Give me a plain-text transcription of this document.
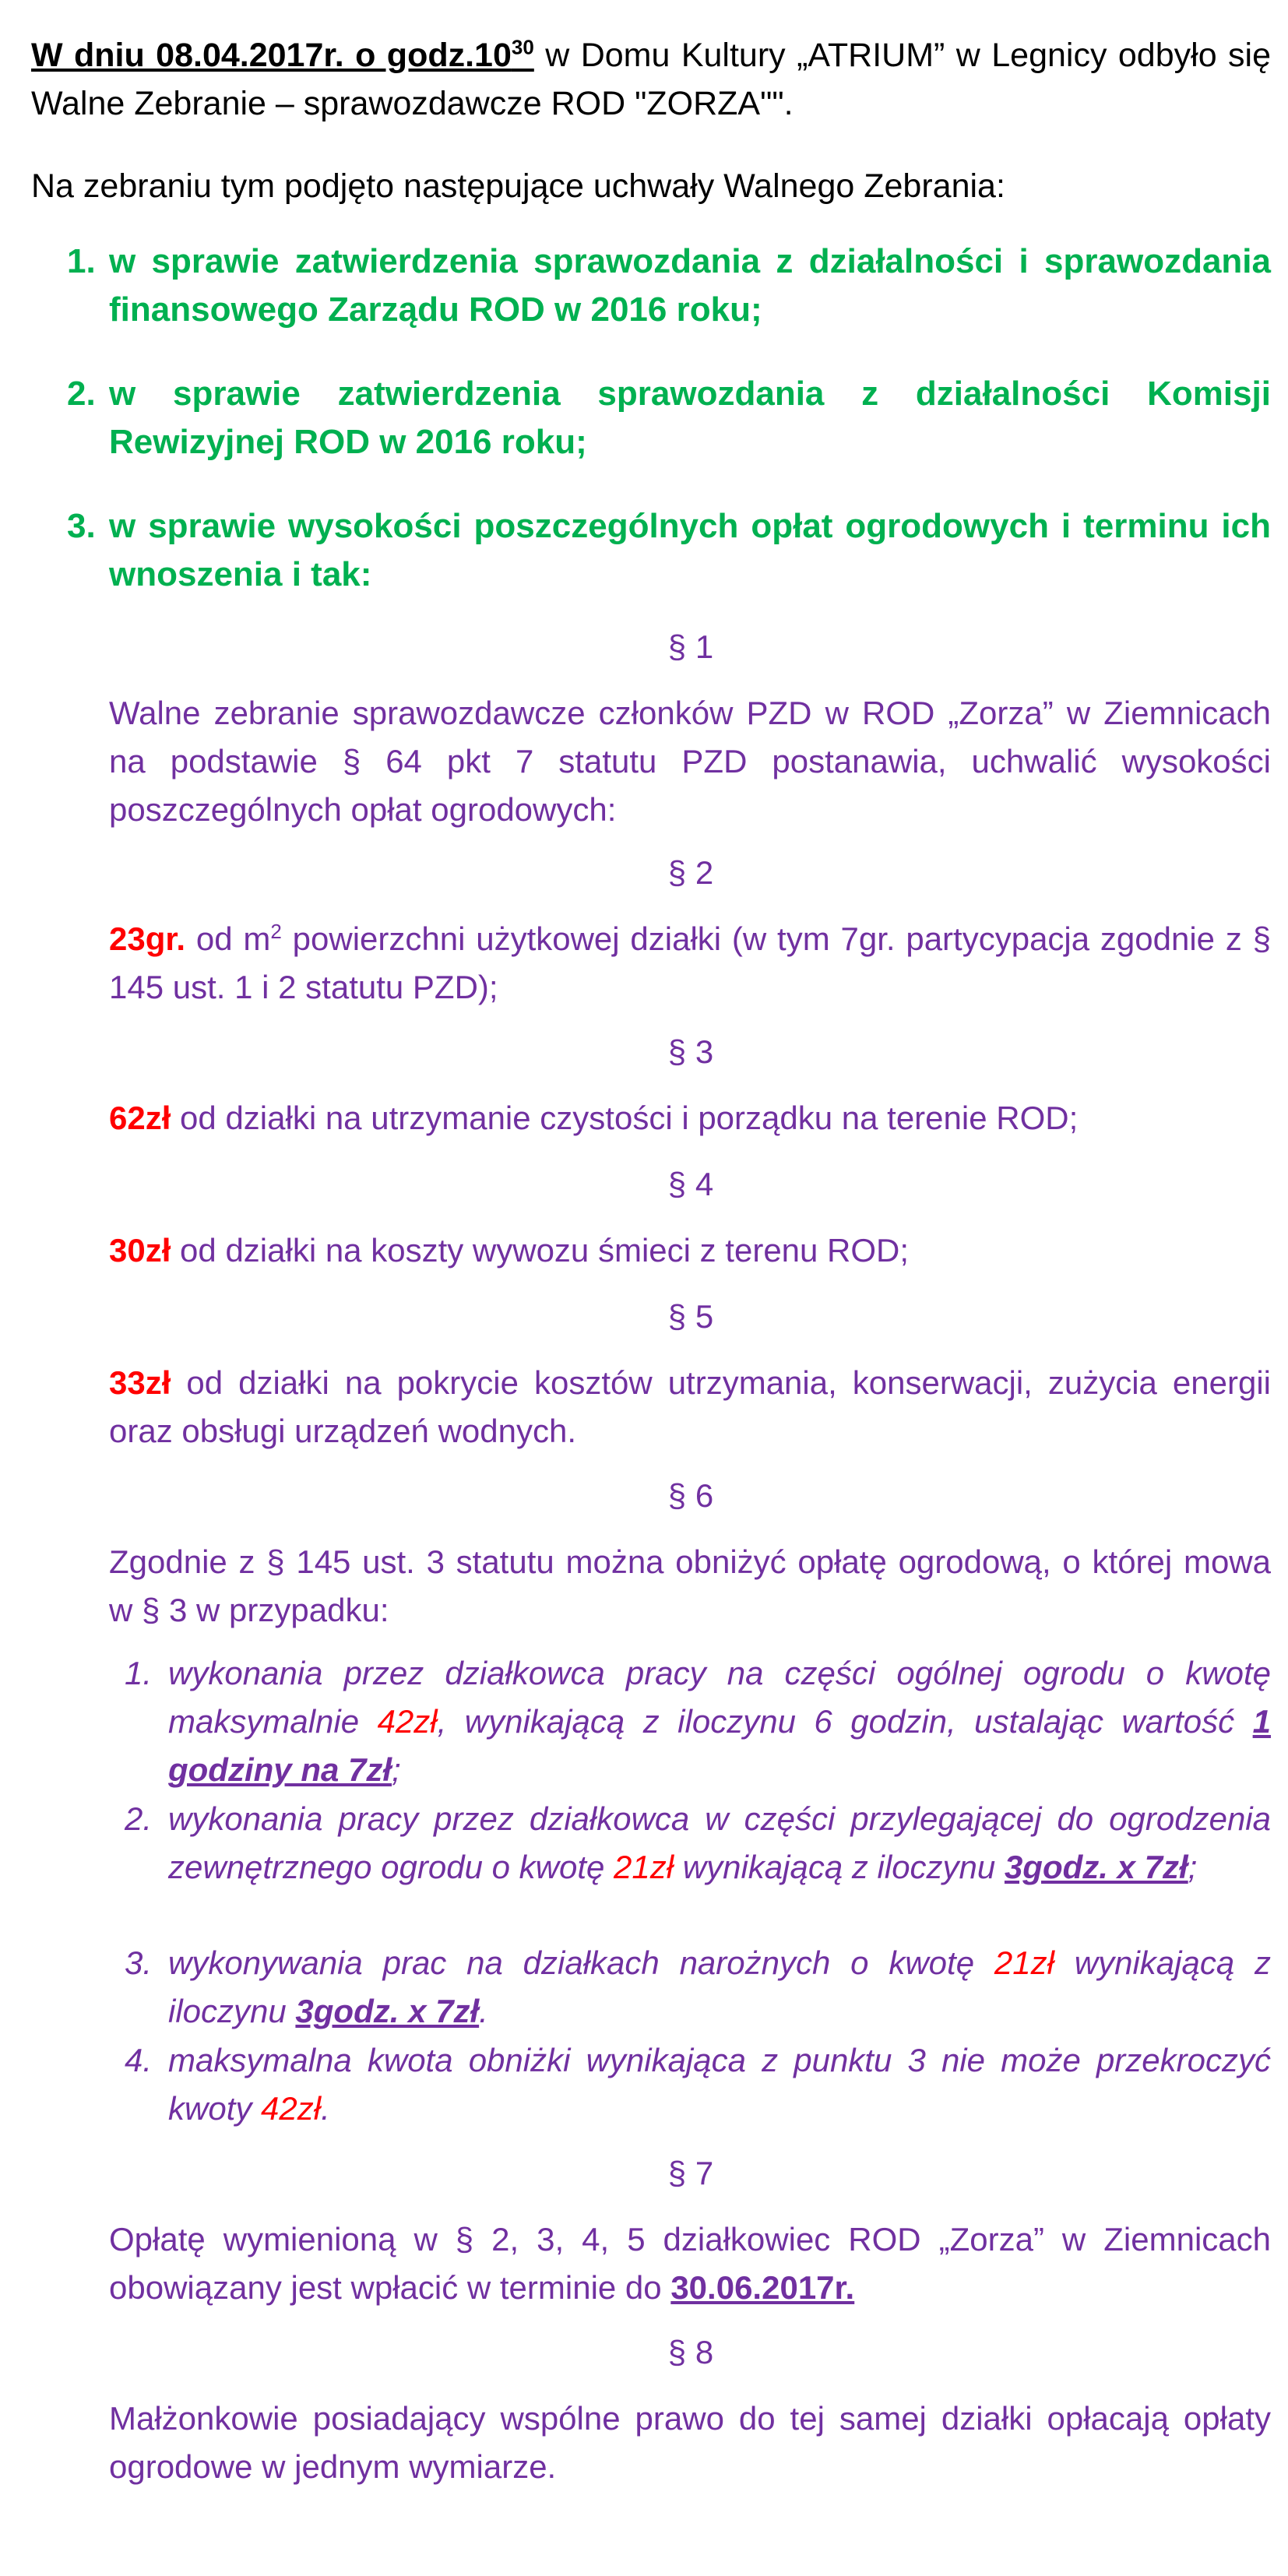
W dniu 08.04.2017r. o $godz.10^{30}$ w Domu Kultury „ATRIUM” w Legnicy odbyło się Walne Zebranie – sprawozdawcze ROD "ZORZA"".

Na zebraniu tym podjęto następujące uchwały Walnego Zebrania:

1. w sprawie zatwierdzenia sprawozdania z działalności i sprawozdania finansowego Zarządu ROD w 2016 roku;
2. w sprawie zatwierdzenia sprawozdania z działalności Komisji Rewizyjnej ROD w 2016 roku;
3. w sprawie wysokości poszczególnych opłat ogrodowych i terminu ich wnoszenia i tak:
§ 1

Walne zebranie sprawozdawcze członków PZD w ROD „Zorza” w Ziemnicach na podstawie § 64 pkt 7 statutu PZD postanawia, uchwalić wysokości poszczególnych opłat ogrodowych:

§ 2

23gr. od $m^2$ powierzchni użytkowej działki (w tym 7gr. partycypacja zgodnie z § 145 ust. 1 i 2 statutu PZD);

§ 3

62zł od działki na utrzymanie czystości i porządku na terenie ROD;

§ 4

30zł od działki na koszty wywozu śmieci z terenu ROD;

§ 5

33zł od działki na pokrycie kosztów utrzymania, konserwacji, zużycia energii oraz obsługi urządzeń wodnych.

§ 6

Zgodnie z § 145 ust. 3 statutu można obniżyć opłatę ogrodową, o której mowa w § 3 w przypadku:

1. wykonania przez działkowca pracy na części ogólnej ogrodu o kwotę maksymalnie 42zł, wynikającą z iloczynu 6 godzin, ustalając wartość 1 godziny na 7zł;
2. wykonania pracy przez działkowca w części przylegającej do ogrodzenia zewnętrznego ogrodu o kwotę 21zł wynikającą z iloczynu 3godz. x 7zł;
3. wykonywania prac na działkach narożnych o kwotę 21zł wynikającą z iloczynu 3godz. x 7zł.
4. maksymalna kwota obniżki wynikająca z punktu 3 nie może przekroczyć kwoty 42zł.
§ 7

Opłatę wymienioną w § 2, 3, 4, 5 działkowiec ROD „Zorza” w Ziemnicach obowiązany jest wpłacić w terminie do 30.06.2017r.

§ 8

Małżonkowie posiadający wspólne prawo do tej samej działki opłacają opłaty ogrodowe w jednym wymiarze.
